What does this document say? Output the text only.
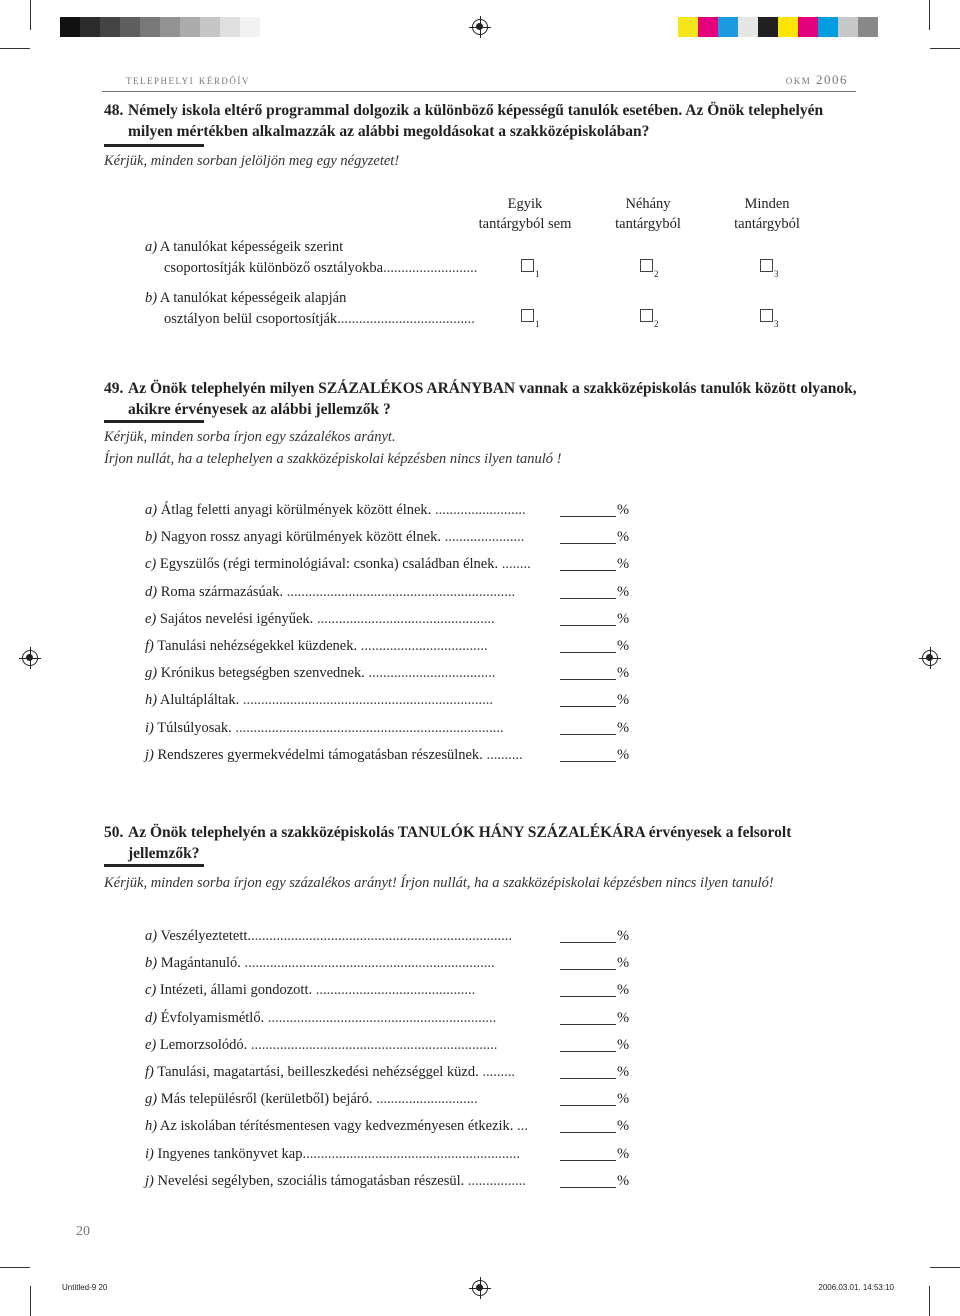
telephelyi kérdőív	okm 2006
48. Némely iskola eltérő programmal dolgozik a különböző képességű tanulók esetében. Az Önök telephelyén milyen mértékben alkalmazzák az alábbi megoldásokat a szakközépiskolában?
Kérjük, minden sorban jelöljön meg egy négyzetet!
Egyik
tantárgyból sem
Néhány
tantárgyból
Minden
tantárgyból
a) A tanulókat képességeik szerint
csoportosítják különböző osztályokba..........................	1	2	3
b) A tanulókat képességeik alapján
osztályon belül csoportosítják......................................	1	2	3
49. Az Önök telephelyén milyen SZÁZALÉKOS ARÁNYBAN vannak a szakközépiskolás tanulók között olyanok, akikre érvényesek az alábbi jellemzők ?
Kérjük, minden sorba írjon egy százalékos arányt.
Írjon nullát, ha a telephelyen a szakközépiskolai képzésben nincs ilyen tanuló !
a) Átlag feletti anyagi körülmények között élnek. .........................	%
b) Nagyon rossz anyagi körülmények között élnek. ......................	%
c) Egyszülős (régi terminológiával: csonka) családban élnek. ........	%
d) Roma származásúak. ...............................................................	%
e) Sajátos nevelési igényűek. .................................................	%
f) Tanulási nehézségekkel küzdenek. ...................................	%
g) Krónikus betegségben szenvednek. ...................................	%
h) Alultápláltak. .....................................................................	%
i) Túlsúlyosak. ..........................................................................	%
j) Rendszeres gyermekvédelmi támogatásban részesülnek. ..........	%
50. Az Önök telephelyén a szakközépiskolás TANULÓK HÁNY SZÁZALÉKÁRA érvényesek a felsorolt jellemzők?
Kérjük, minden sorba írjon egy százalékos arányt! Írjon nullát, ha a szakközépiskolai képzésben nincs ilyen tanuló!
a) Veszélyeztetett.........................................................................	%
b) Magántanuló. .....................................................................	%
c) Intézeti, állami gondozott. ............................................	%
d) Évfolyamismétlő. ...............................................................	%
e) Lemorzsolódó. ....................................................................	%
f) Tanulási, magatartási, beilleszkedési nehézséggel küzd. .........	%
g) Más településről (kerületből) bejáró. ............................	%
h) Az iskolában térítésmentesen vagy kedvezményesen étkezik. ...	%
i) Ingyenes tankönyvet kap............................................................	%
j) Nevelési segélyben, szociális támogatásban részesül. ................	%
20
Untitled-9 20	2006.03.01. 14:53:10
